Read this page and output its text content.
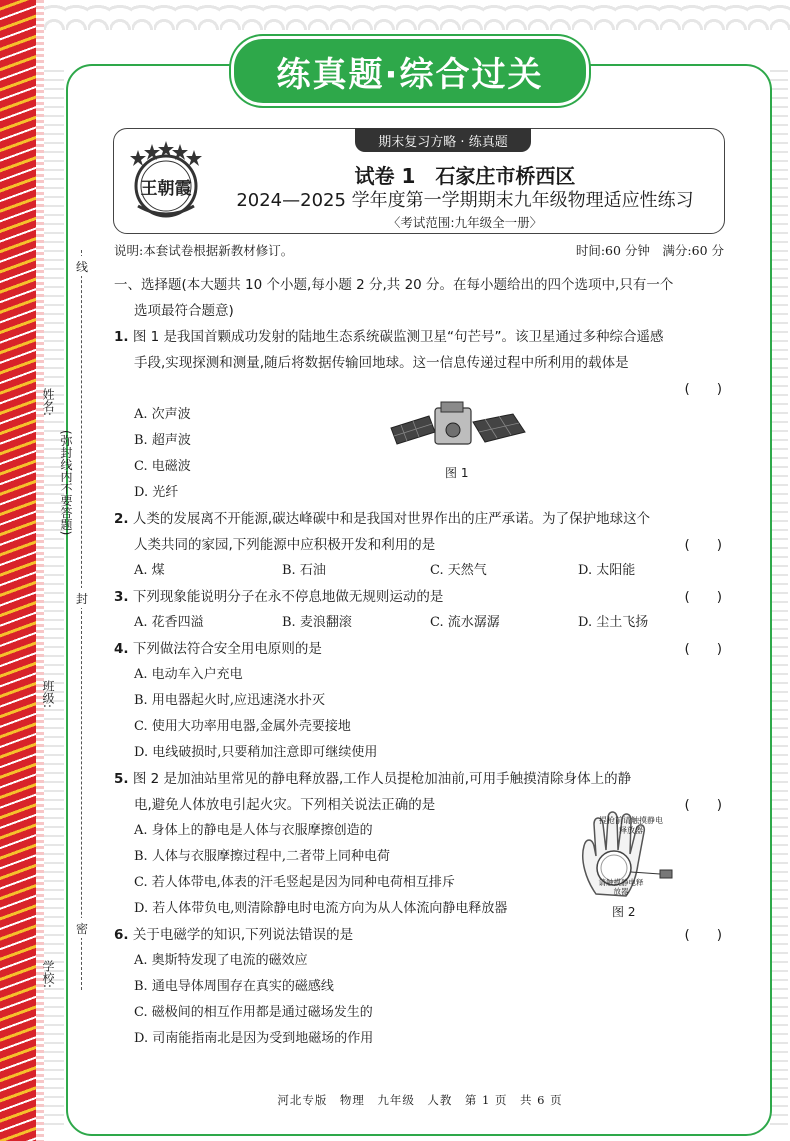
练真题·综合过关
期末复习方略 · 练真题
王朝霞
试卷 1　石家庄市桥西区
2024—2025 学年度第一学期期末九年级物理适应性练习
〈考试范围:九年级全一册〉
说明:本套试卷根据新教材修订。	时间:60 分钟　满分:60 分
姓名:
(弥封线内不要答题)
班级:
学校:
线
封
密
一、选择题(本大题共 10 个小题,每小题 2 分,共 20 分。在每小题给出的四个选项中,只有一个
选项最符合题意)
1. 图 1 是我国首颗成功发射的陆地生态系统碳监测卫星“句芒号”。该卫星通过多种综合遥感
手段,实现探测和测量,随后将数据传输回地球。这一信息传递过程中所利用的载体是
(　　)
A. 次声波
B. 超声波
C. 电磁波
D. 光纤
2. 人类的发展离不开能源,碳达峰碳中和是我国对世界作出的庄严承诺。为了保护地球这个
人类共同的家园,下列能源中应积极开发和利用的是	(　　)
A. 煤	B. 石油	C. 天然气	D. 太阳能
3. 下列现象能说明分子在永不停息地做无规则运动的是	(　　)
A. 花香四溢	B. 麦浪翻滚	C. 流水潺潺	D. 尘土飞扬
4. 下列做法符合安全用电原则的是	(　　)
A. 电动车入户充电
B. 用电器起火时,应迅速浇水扑灭
C. 使用大功率用电器,金属外壳要接地
D. 电线破损时,只要稍加注意即可继续使用
5. 图 2 是加油站里常见的静电释放器,工作人员提枪加油前,可用手触摸清除身体上的静
电,避免人体放电引起火灾。下列相关说法正确的是	(　　)
A. 身体上的静电是人体与衣服摩擦创造的
B. 人体与衣服摩擦过程中,二者带上同种电荷
C. 若人体带电,体表的汗毛竖起是因为同种电荷相互排斥
D. 若人体带负电,则清除静电时电流方向为从人体流向静电释放器
6. 关于电磁学的知识,下列说法错误的是	(　　)
A. 奥斯特发现了电流的磁效应
B. 通电导体周围存在真实的磁感线
C. 磁极间的相互作用都是通过磁场发生的
D. 司南能指南北是因为受到地磁场的作用
图 1
提枪前请触摸静电释放器
请触摸静电释放器
图 2
河北专版　物理　九年级　人教　第 1 页　共 6 页
